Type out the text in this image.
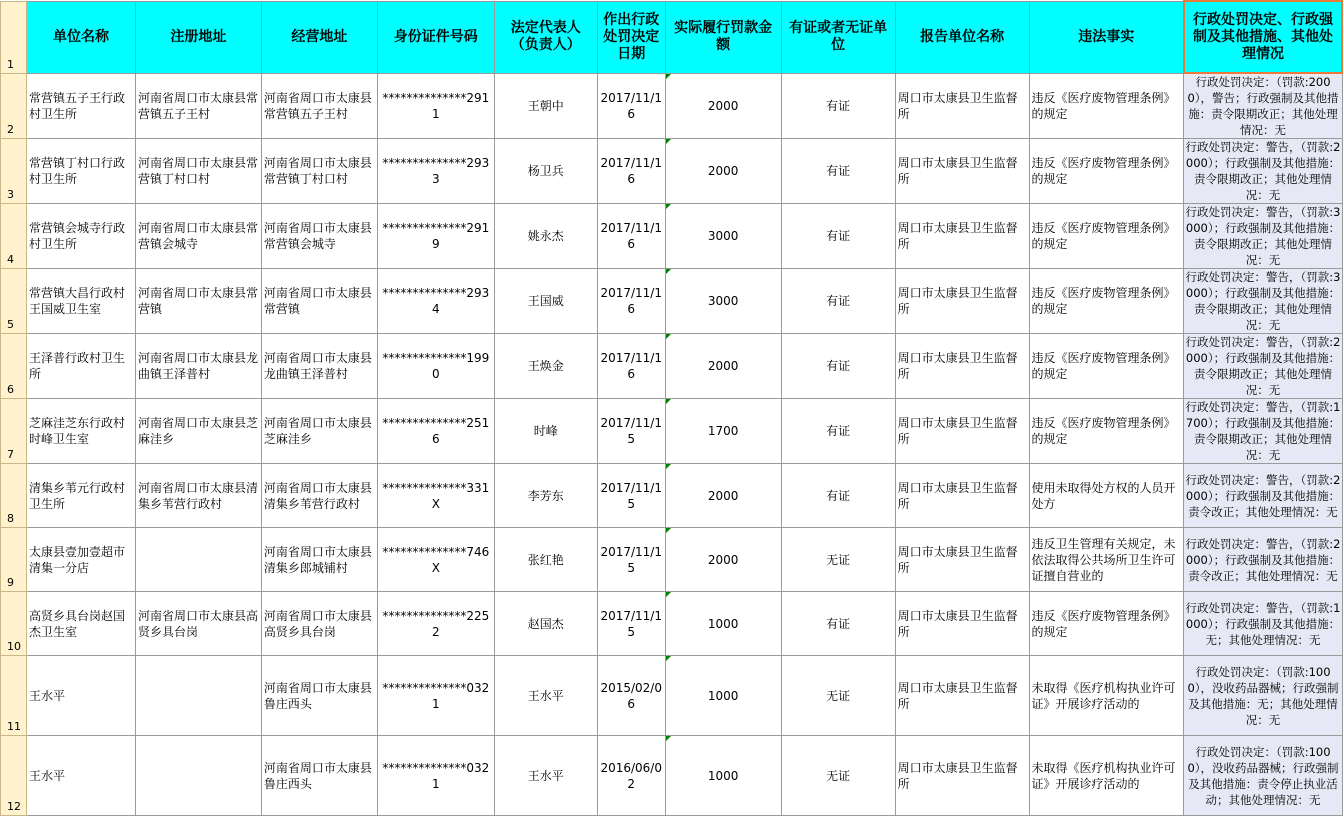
1	单位名称	注册地址	经营地址	身份证件号码	法定代表人（负责人）	作出行政处罚决定日期	实际履行罚款金额	有证或者无证单位	报告单位名称	违法事实	行政处罚决定、行政强制及其他措施、其他处理情况
2	常营镇五子王行政村卫生所	河南省周口市太康县常营镇五子王村	河南省周口市太康县常营镇五子王村	**************2911	王朝中	2017/11/16	2000	有证	周口市太康县卫生监督所	违反《医疗废物管理条例》的规定	行政处罚决定：（罚款:2000），警告；行政强制及其他措施：责令限期改正；其他处理情况：无
3	常营镇丁村口行政村卫生所	河南省周口市太康县常营镇丁村口村	河南省周口市太康县常营镇丁村口村	**************2933	杨卫兵	2017/11/16	2000	有证	周口市太康县卫生监督所	违反《医疗废物管理条例》的规定	行政处罚决定：警告，（罚款:2000）；行政强制及其他措施：责令限期改正；其他处理情况：无
4	常营镇会城寺行政村卫生所	河南省周口市太康县常营镇会城寺	河南省周口市太康县常营镇会城寺	**************2919	姚永杰	2017/11/16	3000	有证	周口市太康县卫生监督所	违反《医疗废物管理条例》的规定	行政处罚决定：警告，（罚款:3000）；行政强制及其他措施：责令限期改正；其他处理情况：无
5	常营镇大昌行政村王国威卫生室	河南省周口市太康县常营镇	河南省周口市太康县常营镇	**************2934	王国威	2017/11/16	3000	有证	周口市太康县卫生监督所	违反《医疗废物管理条例》的规定	行政处罚决定：警告，（罚款:3000）；行政强制及其他措施：责令限期改正；其他处理情况：无
6	王泽普行政村卫生所	河南省周口市太康县龙曲镇王泽普村	河南省周口市太康县龙曲镇王泽普村	**************1990	王焕金	2017/11/16	2000	有证	周口市太康县卫生监督所	违反《医疗废物管理条例》的规定	行政处罚决定：警告，（罚款:2000）；行政强制及其他措施：责令限期改正；其他处理情况：无
7	芝麻洼芝东行政村时峰卫生室	河南省周口市太康县芝麻洼乡	河南省周口市太康县芝麻洼乡	**************2516	时峰	2017/11/15	1700	有证	周口市太康县卫生监督所	违反《医疗废物管理条例》的规定	行政处罚决定：警告，（罚款:1700）；行政强制及其他措施：责令限期改正；其他处理情况：无
8	清集乡苇元行政村卫生所	河南省周口市太康县清集乡苇营行政村	河南省周口市太康县清集乡苇营行政村	**************331X	李芳东	2017/11/15	2000	有证	周口市太康县卫生监督所	使用未取得处方权的人员开处方	行政处罚决定：警告，（罚款:2000）；行政强制及其他措施：责令改正；其他处理情况：无
9	太康县壹加壹超市清集一分店		河南省周口市太康县清集乡郎城铺村	**************746X	张红艳	2017/11/15	2000	无证	周口市太康县卫生监督所	违反卫生管理有关规定，未依法取得公共场所卫生许可证擅自营业的	行政处罚决定：警告，（罚款:2000）；行政强制及其他措施：责令改正；其他处理情况：无
10	高贤乡具台岗赵国杰卫生室	河南省周口市太康县高贤乡具台岗	河南省周口市太康县高贤乡具台岗	**************2252	赵国杰	2017/11/15	1000	有证	周口市太康县卫生监督所	违反《医疗废物管理条例》的规定	行政处罚决定：警告，（罚款:1000）；行政强制及其他措施：无；其他处理情况：无
11	王水平		河南省周口市太康县鲁庄西头	**************0321	王水平	2015/02/06	1000	无证	周口市太康县卫生监督所	未取得《医疗机构执业许可证》开展诊疗活动的	行政处罚决定：（罚款:1000），没收药品器械；行政强制及其他措施：无；其他处理情况：无
12	王水平		河南省周口市太康县鲁庄西头	**************0321	王水平	2016/06/02	1000	无证	周口市太康县卫生监督所	未取得《医疗机构执业许可证》开展诊疗活动的	行政处罚决定：（罚款:1000），没收药品器械；行政强制及其他措施：责令停止执业活动；其他处理情况：无
